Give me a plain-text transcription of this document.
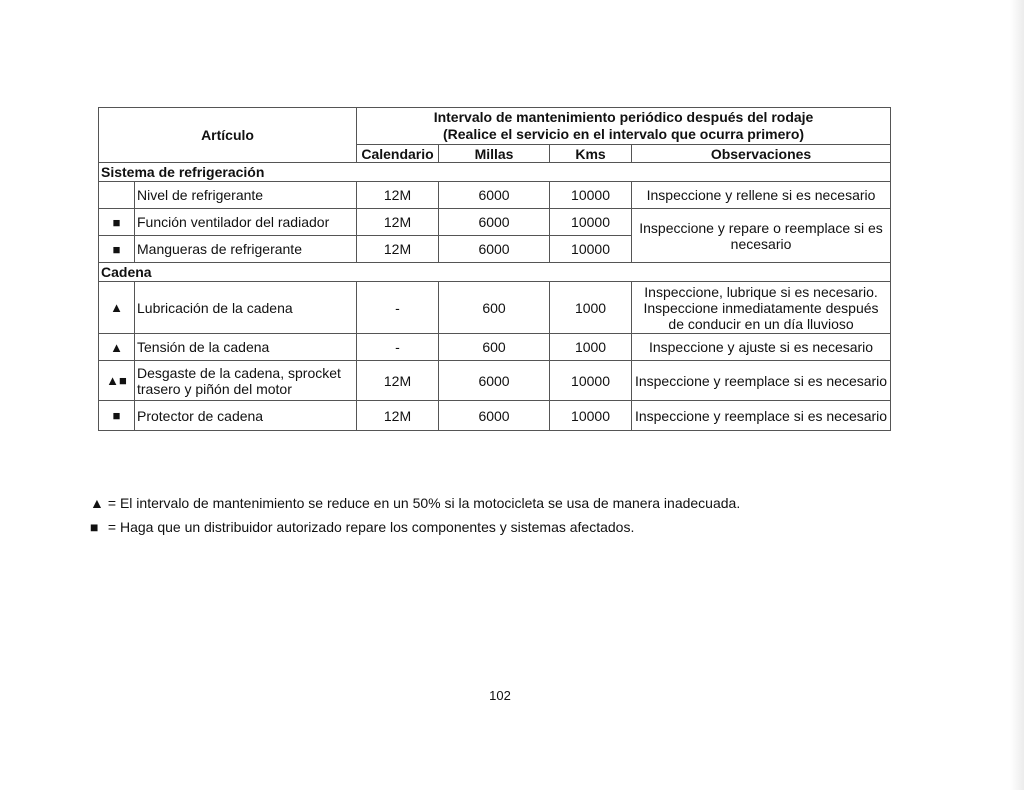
Artículo		Intervalo de mantenimiento periódico después del rodaje
(Realice el servicio en el intervalo que ocurra primero)			

		Calendario	Millas	Kms	Observaciones
Sistema de refrigeración					
	Nivel de refrigerante	12M	6000	10000	Inspeccione y rellene si es necesario
■	Función ventilador del radiador	12M	6000	10000	Inspeccione y repare o reemplace si es necesario
■	Mangueras de refrigerante	12M	6000	10000	
Cadena					
▲	Lubricación de la cadena	-	600	1000	Inspeccione, lubrique si es necesario. Inspeccione inmediatamente después de conducir en un día lluvioso
▲	Tensión de la cadena	-	600	1000	Inspeccione y ajuste si es necesario
▲■	Desgaste de la cadena, sprocket trasero y piñón del motor	12M	6000	10000	Inspeccione y reemplace si es necesario
■	Protector de cadena	12M	6000	10000	Inspeccione y reemplace si es necesario
▲ = El intervalo de mantenimiento se reduce en un 50% si la motocicleta se usa de manera inadecuada.
■ = Haga que un distribuidor autorizado repare los componentes y sistemas afectados.
102
